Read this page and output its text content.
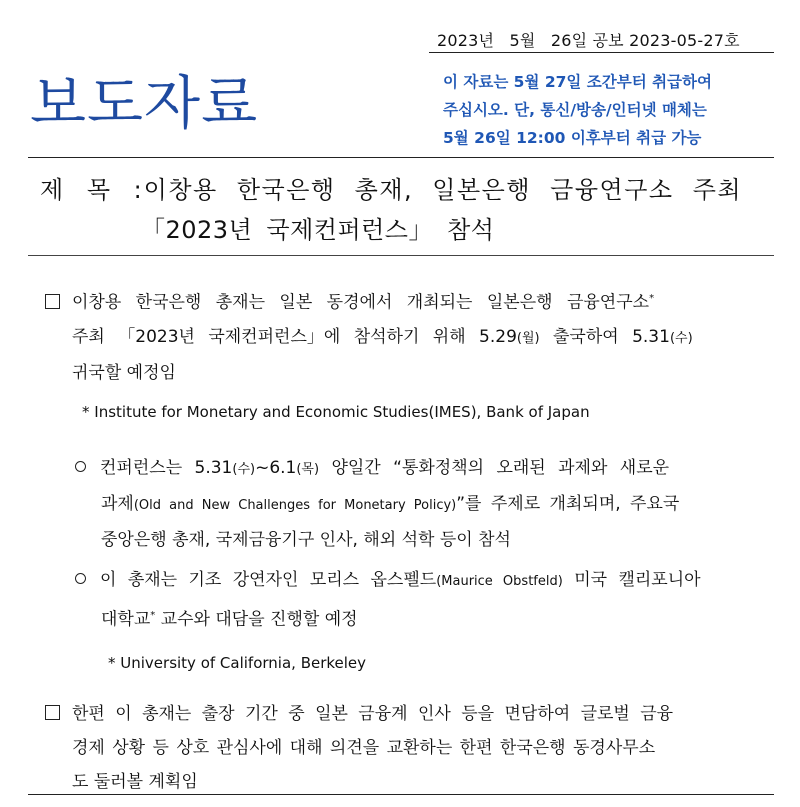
2023년 5월 26일 공보 2023-05-27호
보도자료	이 자료는 5월 27일 조간부터 취급하여
주십시오. 단, 통신/방송/인터넷 매체는
5월 26일 12:00 이후부터 취급 가능
제 목 : 이창용 한국은행 총재, 일본은행 금융연구소 주최
「2023년 국제컨퍼런스」 참석
이창용 한국은행 총재는 일본 동경에서 개최되는 일본은행 금융연구소*
주최 「2023년 국제컨퍼런스」에 참석하기 위해 5.29(월) 출국하여 5.31(수)
귀국할 예정임
* Institute for Monetary and Economic Studies(IMES), Bank of Japan
컨퍼런스는 5.31(수)~6.1(목) 양일간 “통화정책의 오래된 과제와 새로운
과제(Old and New Challenges for Monetary Policy)”를 주제로 개최되며, 주요국
중앙은행 총재, 국제금융기구 인사, 해외 석학 등이 참석
이 총재는 기조 강연자인 모리스 옵스펠드(Maurice Obstfeld) 미국 캘리포니아
대학교* 교수와 대담을 진행할 예정
* University of California, Berkeley
한편 이 총재는 출장 기간 중 일본 금융계 인사 등을 면담하여 글로벌 금융
경제 상황 등 상호 관심사에 대해 의견을 교환하는 한편 한국은행 동경사무소
도 둘러볼 계획임
